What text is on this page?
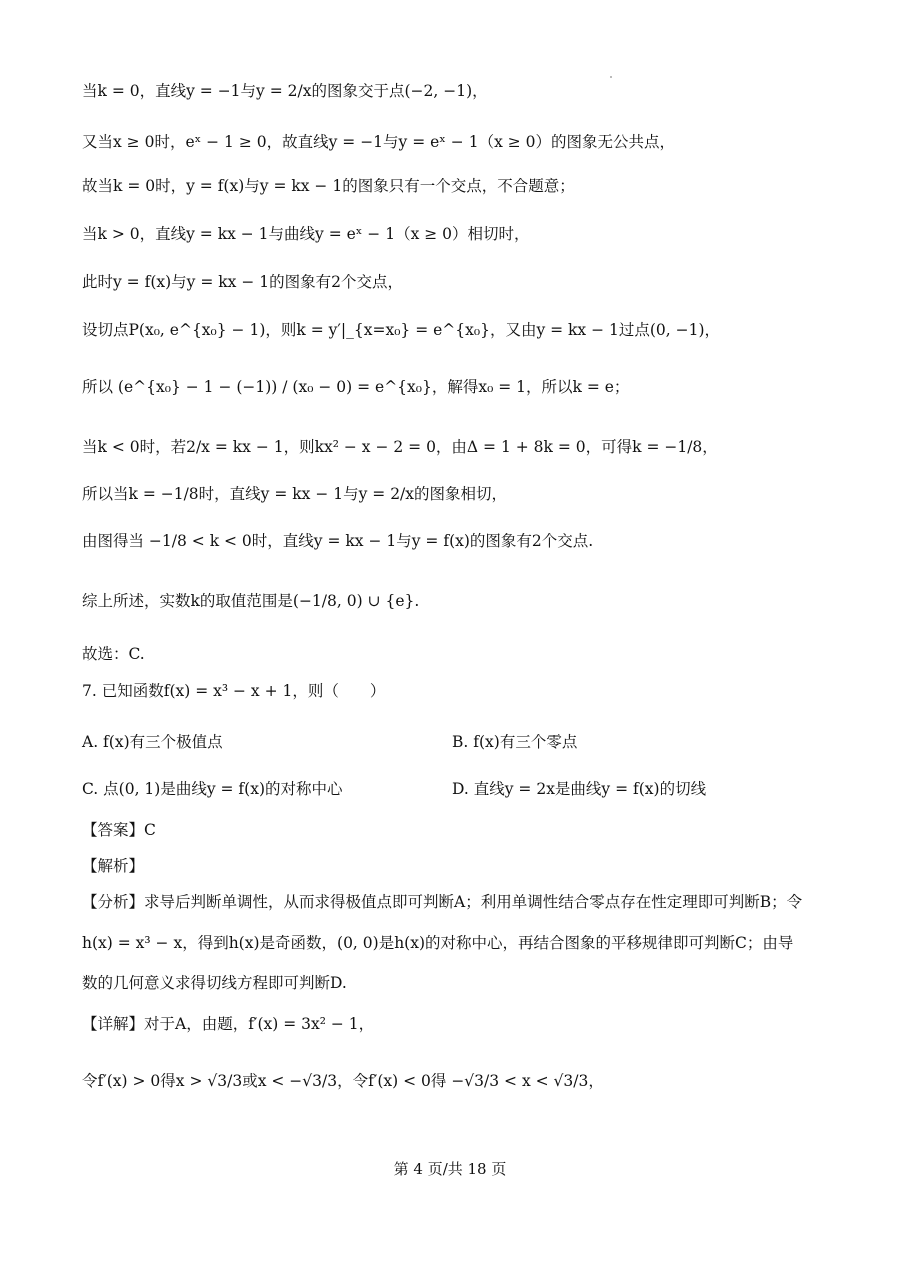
当k = 0，直线y = −1与y = 2/x的图象交于点(−2, −1)，
又当x ≥ 0时，eˣ − 1 ≥ 0，故直线y = −1与y = eˣ − 1（x ≥ 0）的图象无公共点，
故当k = 0时，y = f(x)与y = kx − 1的图象只有一个交点，不合题意；
当k > 0，直线y = kx − 1与曲线y = eˣ − 1（x ≥ 0）相切时，
此时y = f(x)与y = kx − 1的图象有2个交点，
设切点P(x₀, e^{x₀} − 1)，则k = y′|_{x=x₀} = e^{x₀}，又由y = kx − 1过点(0, −1)，
所以 (e^{x₀} − 1 − (−1)) / (x₀ − 0) = e^{x₀}，解得x₀ = 1，所以k = e；
当k < 0时，若2/x = kx − 1，则kx² − x − 2 = 0，由Δ = 1 + 8k = 0，可得k = −1/8，
所以当k = −1/8时，直线y = kx − 1与y = 2/x的图象相切，
由图得当 −1/8 < k < 0时，直线y = kx − 1与y = f(x)的图象有2个交点.
综上所述，实数k的取值范围是(−1/8, 0) ∪ {e}.
故选：C.
7. 已知函数f(x) = x³ − x + 1，则（　　）
A. f(x)有三个极值点	B. f(x)有三个零点
C. 点(0, 1)是曲线y = f(x)的对称中心	D. 直线y = 2x是曲线y = f(x)的切线
【答案】C
【解析】
【分析】求导后判断单调性，从而求得极值点即可判断A；利用单调性结合零点存在性定理即可判断B；令
h(x) = x³ − x，得到h(x)是奇函数，(0, 0)是h(x)的对称中心，再结合图象的平移规律即可判断C；由导
数的几何意义求得切线方程即可判断D.
【详解】对于A，由题，f′(x) = 3x² − 1，
令f′(x) > 0得x > √3/3或x < −√3/3，令f′(x) < 0得 −√3/3 < x < √3/3，
第 4 页/共 18 页
